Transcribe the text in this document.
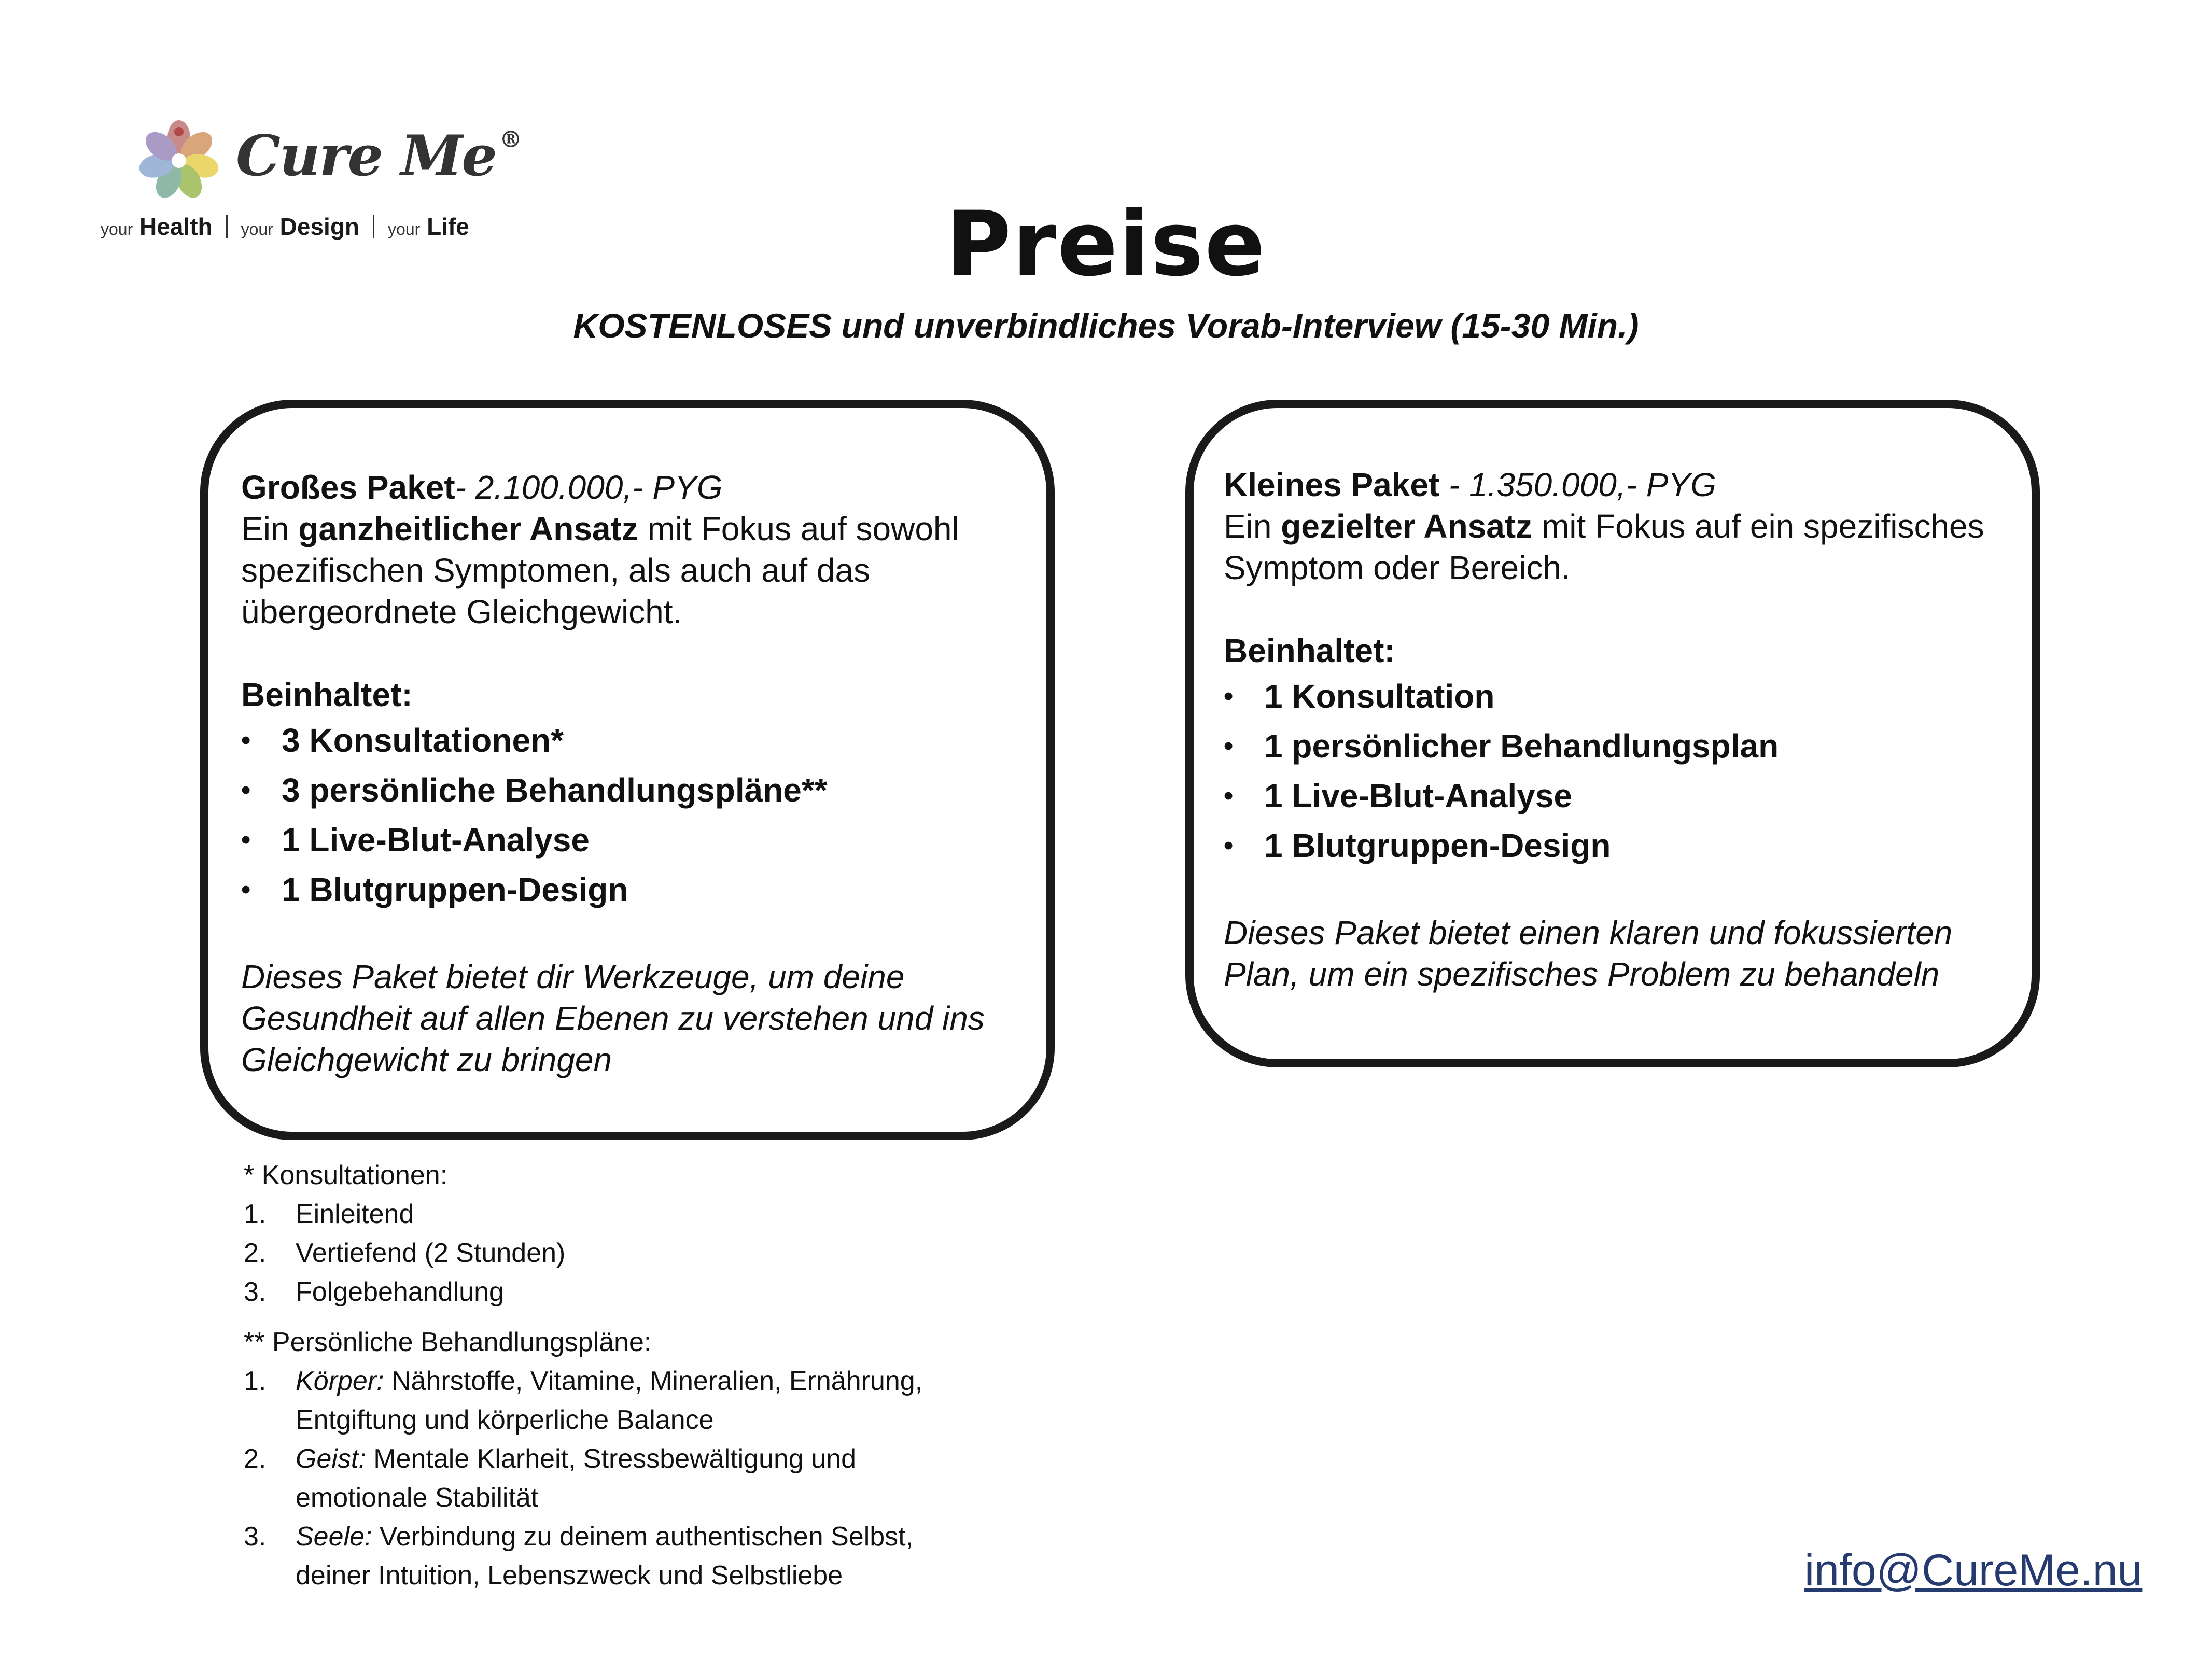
Cure Me ®
your Health your Design your Life	Preise
KOSTENLOSES und unverbindliches Vorab-Interview (15-30 Min.)

Großes Paket- 2.100.000,- PYG

Ein ganzheitlicher Ansatz mit Fokus auf sowohl spezifischen Symptomen, als auch auf das übergeordnete Gleichgewicht.

Beinhaltet:

• 3 Konsultationen*
• 3 persönliche Behandlungspläne**
• 1 Live-Blut-Analyse
• 1 Blutgruppen-Design

Dieses Paket bietet dir Werkzeuge, um deine Gesundheit auf allen Ebenen zu verstehen und ins Gleichgewicht zu bringen

Kleines Paket - 1.350.000,- PYG

Ein gezielter Ansatz mit Fokus auf ein spezifisches Symptom oder Bereich.

Beinhaltet:

• 1 Konsultation
• 1 persönlicher Behandlungsplan
• 1 Live-Blut-Analyse
• 1 Blutgruppen-Design

Dieses Paket bietet einen klaren und fokussierten Plan, um ein spezifisches Problem zu behandeln

* Konsultationen:

1. Einleitend
2. Vertiefend (2 Stunden)
3. Folgebehandlung

** Persönliche Behandlungspläne:

1. Körper: Nährstoffe, Vitamine, Mineralien, Ernährung, Entgiftung und körperliche Balance
2. Geist: Mentale Klarheit, Stressbewältigung und emotionale Stabilität
3. Seele: Verbindung zu deinem authentischen Selbst, deiner Intuition, Lebenszweck und Selbstliebe	info@CureMe.nu
